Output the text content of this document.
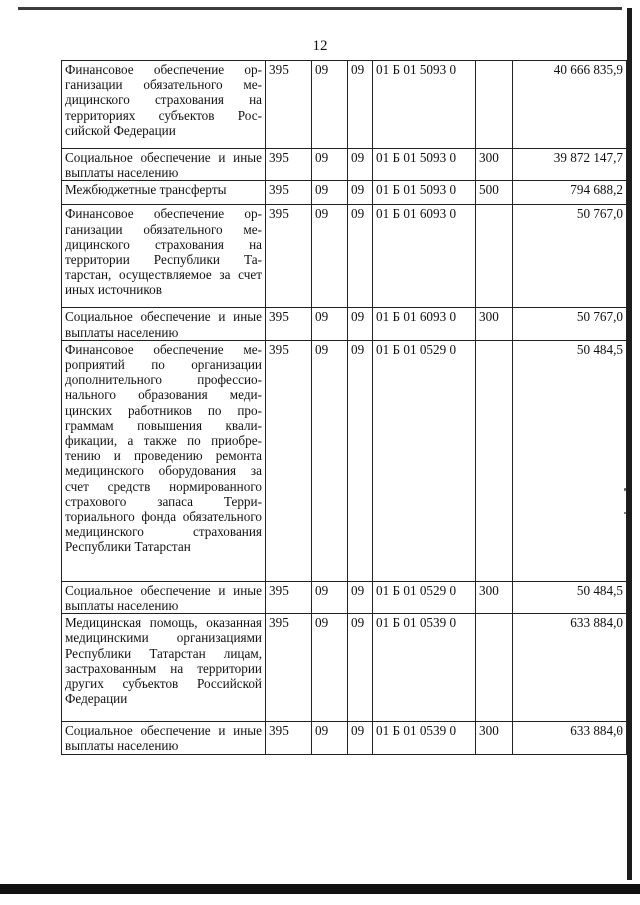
12
Финансовое обеспечение организации обязательного медицинского страхования на территориях субъектов Российской Федерации	395	09	09	01 Б 01 5093 0		40 666 835,9
Социальное обеспечение и иные выплаты населению	395	09	09	01 Б 01 5093 0	300	39 872 147,7
Межбюджетные трансферты	395	09	09	01 Б 01 5093 0	500	794 688,2
Финансовое обеспечение организации обязательного медицинского страхования на территории Республики Татарстан, осуществляемое за счет иных источников	395	09	09	01 Б 01 6093 0		50 767,0
Социальное обеспечение и иные выплаты населению	395	09	09	01 Б 01 6093 0	300	50 767,0
Финансовое обеспечение мероприятий по организации дополнительного профессионального образования медицинских работников по программам повышения квалификации, а также по приобретению и проведению ремонта медицинского оборудования за счет средств нормированного страхового запаса Территориального фонда обязательного медицинского страхования Республики Татарстан	395	09	09	01 Б 01 0529 0		50 484,5
Социальное обеспечение и иные выплаты населению	395	09	09	01 Б 01 0529 0	300	50 484,5
Медицинская помощь, оказанная медицинскими организациями Республики Татарстан лицам, застрахованным на территории других субъектов Российской Федерации	395	09	09	01 Б 01 0539 0		633 884,0
Социальное обеспечение и иные выплаты населению	395	09	09	01 Б 01 0539 0	300	633 884,0
